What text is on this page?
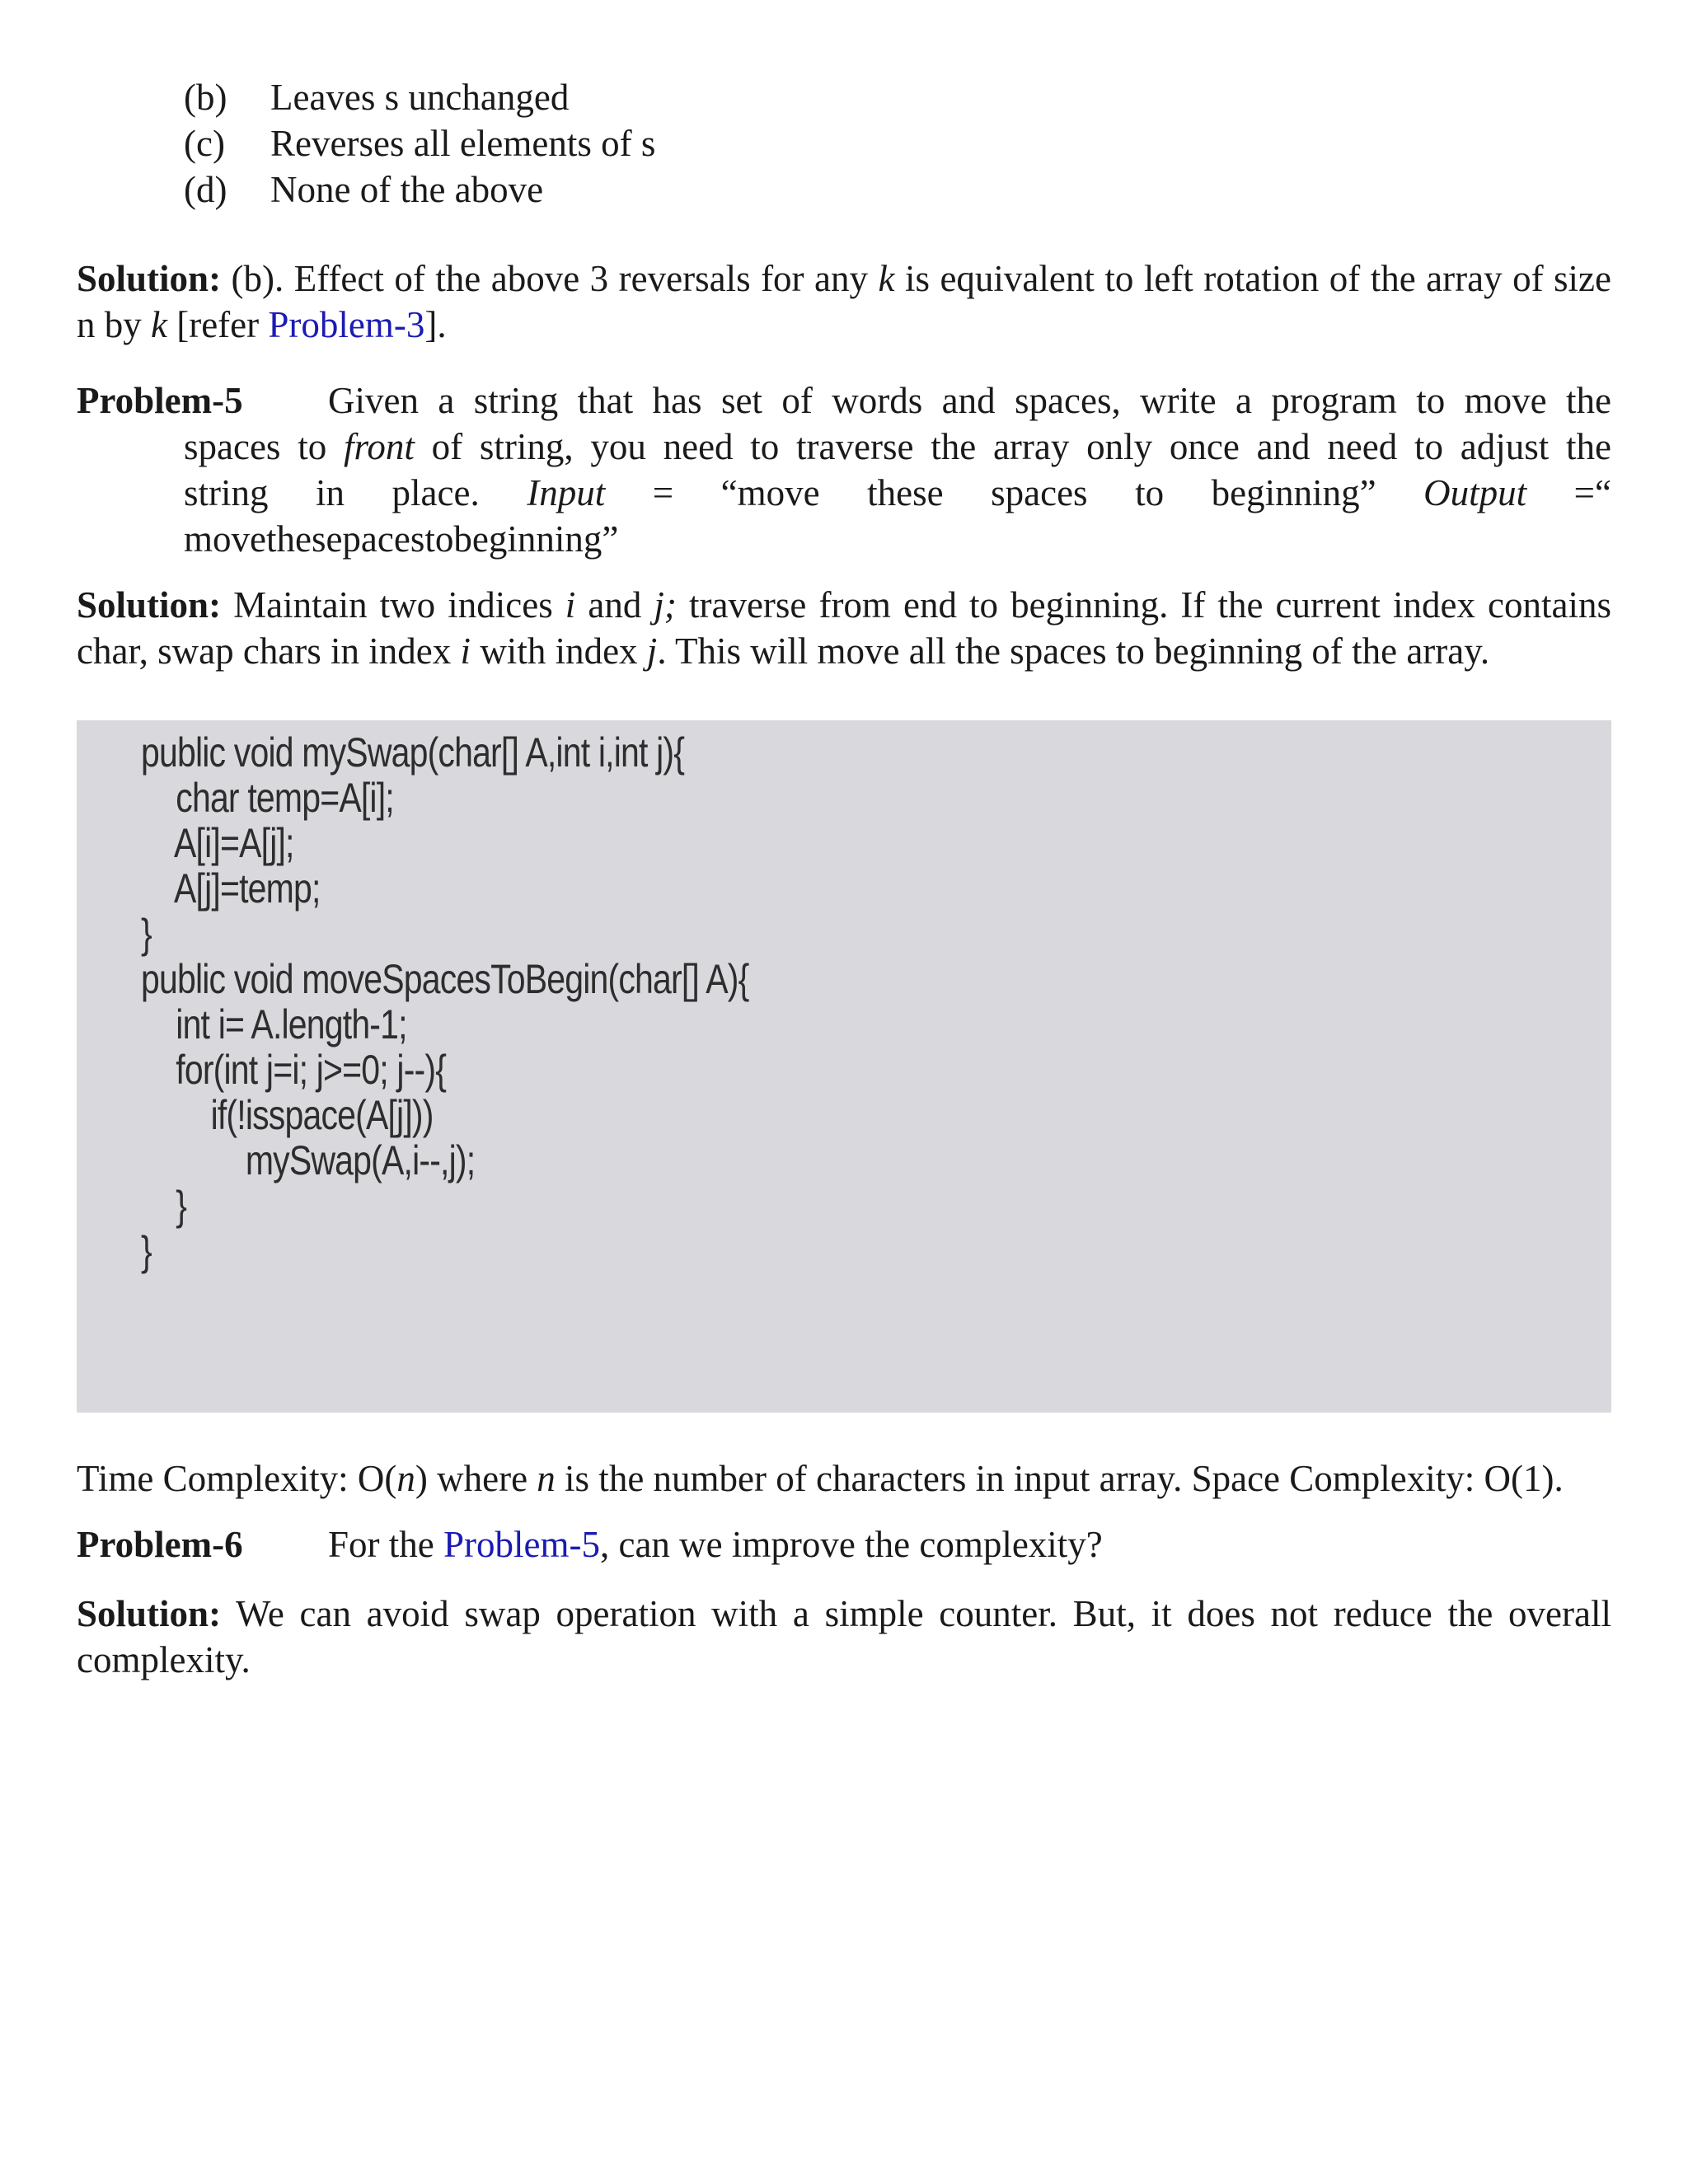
(b)	Leaves s unchanged
(c)	Reverses all elements of s
(d)	None of the above

Solution: (b). Effect of the above 3 reversals for any k is equivalent to left rotation of the array of size n by k [refer Problem-3].

Problem-5	Given a string that has set of words and spaces, write a program to move the
spaces to front of string, you need to traverse the array only once and need to adjust the
string in place. Input = “move these spaces to beginning” Output =“
movethesepacestobeginning”

Solution: Maintain two indices i and j; traverse from end to beginning. If the current index contains char, swap chars in index i with index j. This will move all the spaces to beginning of the array.

public void mySwap(char[] A,int i,int j){
char temp=A[i];
A[i]=A[j];
A[j]=temp;
}
public void moveSpacesToBegin(char[] A){
int i= A.length-1;
for(int j=i; j>=0; j--){
if(!isspace(A[j]))
mySwap(A,i--,j);
}
}

Time Complexity: O(n) where n is the number of characters in input array. Space Complexity: O(1).

Problem-6	For the Problem-5, can we improve the complexity?

Solution: We can avoid swap operation with a simple counter. But, it does not reduce the overall complexity.
